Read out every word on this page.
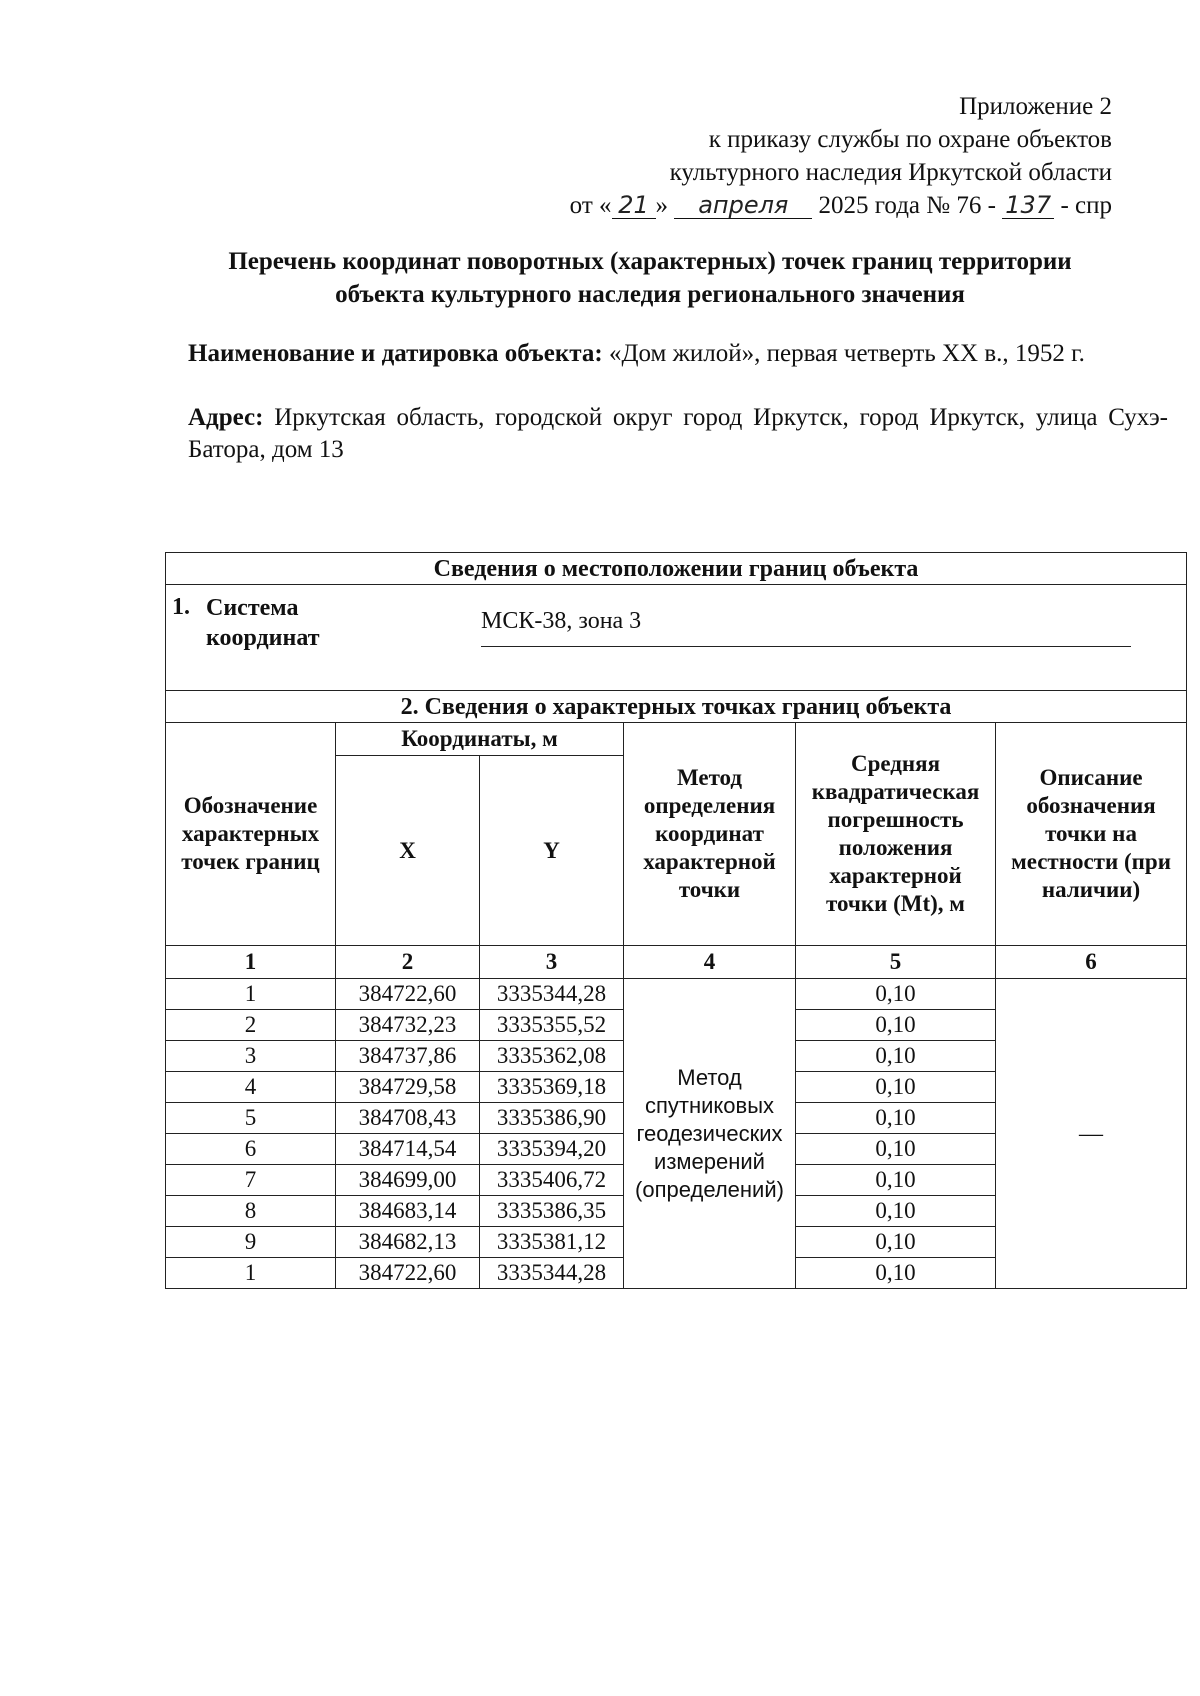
Приложение 2
к приказу службы по охране объектов
культурного наследия Иркутской области
от « 21 » апреля 2025 года № 76 - 137 - спр
Перечень координат поворотных (характерных) точек границ территории
объекта культурного наследия регионального значения
Наименование и датировка объекта: «Дом жилой», первая четверть XX в., 1952 г.
Адрес: Иркутская область, городской округ город Иркутск, город Иркутск, улица Сухэ-Батора, дом 13
Сведения о местоположении границ объекта					

1. Система
координат
МСК-38, зона 3					

2. Сведения о характерных точках границ объекта					
Обозначение характерных точек границ	Координаты, м		Метод определения координат характерной точки	Средняя квадратическая погрешность положения характерной точки (Mt), м	Описание обозначения точки на местности (при наличии)
	X	Y			
1	2	3	4	5	6
1	384722,60	3335344,28	Метод спутниковых геодезических измерений (определений)	0,10	—
2	384732,23	3335355,52		0,10	
3	384737,86	3335362,08		0,10	
4	384729,58	3335369,18		0,10	
5	384708,43	3335386,90		0,10	
6	384714,54	3335394,20		0,10	
7	384699,00	3335406,72		0,10	
8	384683,14	3335386,35		0,10	
9	384682,13	3335381,12		0,10	
1	384722,60	3335344,28		0,10	
